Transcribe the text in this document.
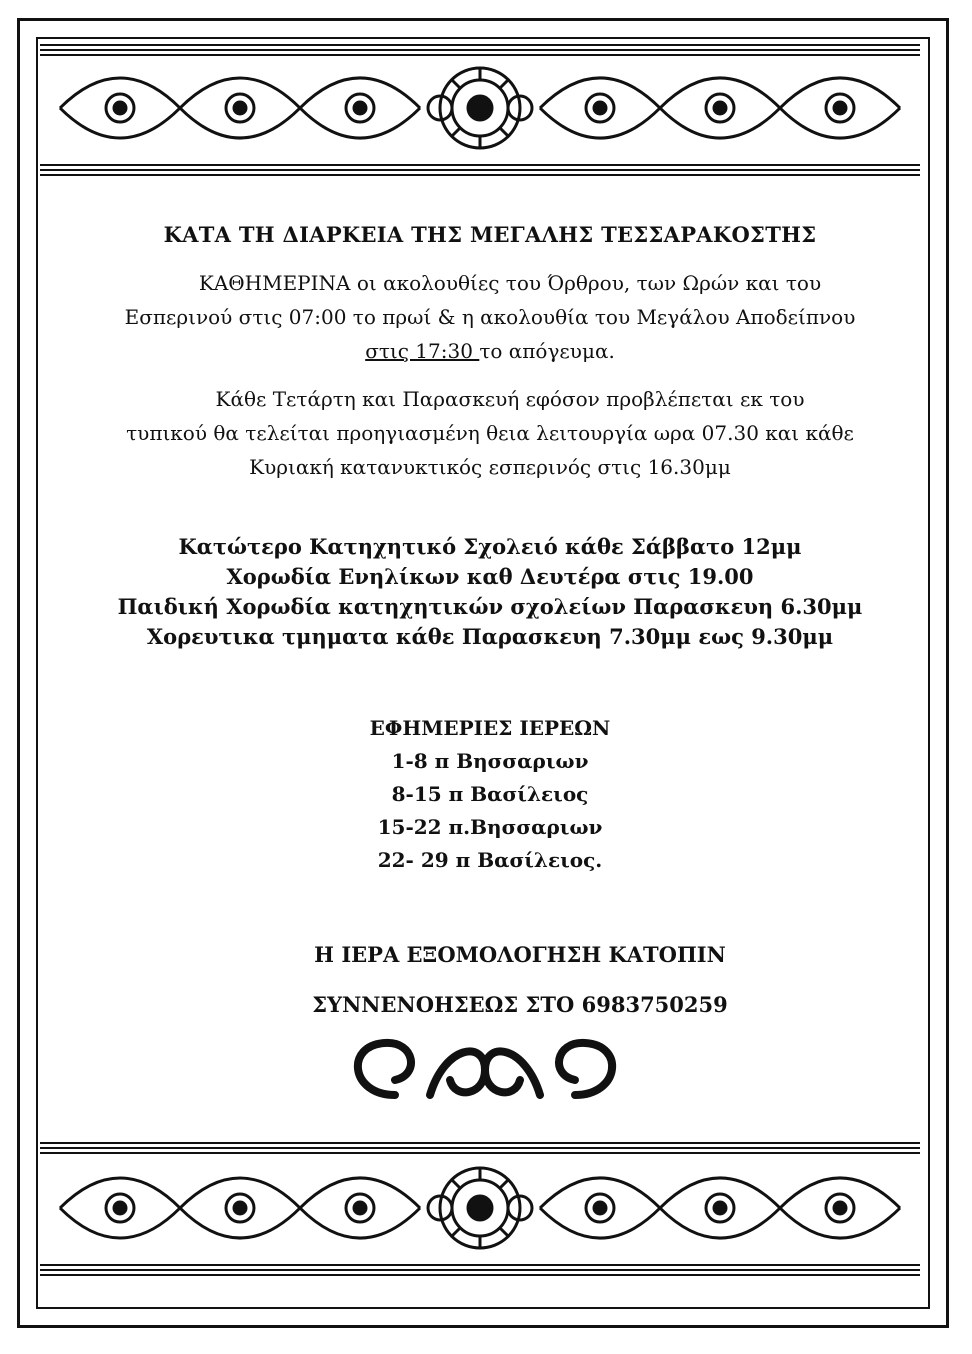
ΚΑΤΑ ΤΗ ΔΙΑΡΚΕΙΑ ΤΗΣ ΜΕΓΑΛΗΣ ΤΕΣΣΑΡΑΚΟΣΤΗΣ
ΚΑΘΗΜΕΡΙΝΑ οι ακολουθίες του Όρθρου, των Ωρών και του
Εσπερινού στις 07:00 το πρωί & η ακολουθία του Μεγάλου Αποδείπνου
στις 17:30 το απόγευμα.
Κάθε Τετάρτη και Παρασκευή εφόσον προβλέπεται εκ του
τυπικού θα τελείται προηγιασμένη θεια λειτουργία ωρα 07.30 και κάθε
Κυριακή κατανυκτικός εσπερινός στις 16.30μμ
Κατώτερο Κατηχητικό Σχολειό κάθε Σάββατο 12μμ
Χορωδία Ενηλίκων καθ Δευτέρα στις 19.00
Παιδική Χορωδία κατηχητικών σχολείων Παρασκευη 6.30μμ
Χορευτικα τμηματα κάθε Παρασκευη 7.30μμ εως 9.30μμ
ΕΦΗΜΕΡΙΕΣ ΙΕΡΕΩΝ
1-8 π Βησσαριων
8-15 π Βασίλειος
15-22 π.Βησσαριων
22- 29 π Βασίλειος.
Η ΙΕΡΑ ΕΞΟΜΟΛΟΓΗΣΗ ΚΑΤΟΠΙΝ
ΣΥΝΝΕΝΟΗΣΕΩΣ ΣΤΟ 6983750259
